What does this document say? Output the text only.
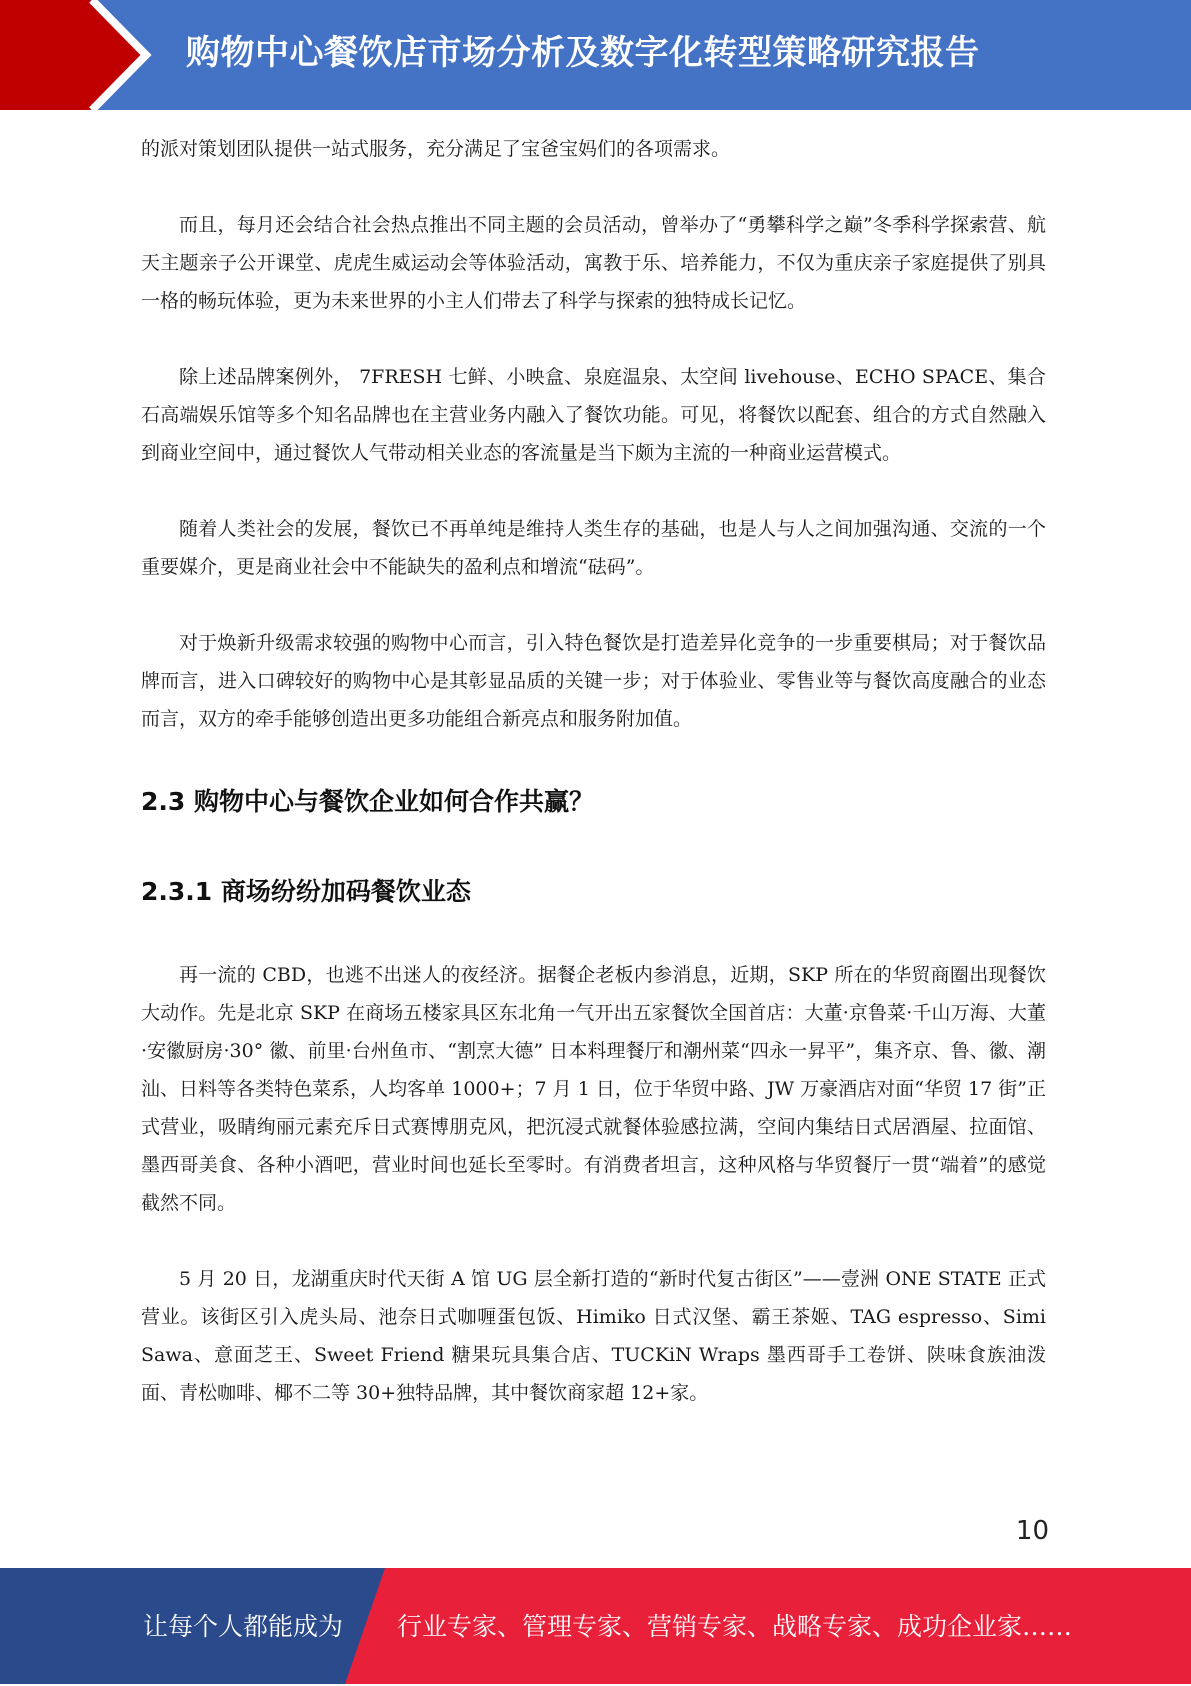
购物中心餐饮店市场分析及数字化转型策略研究报告

的派对策划团队提供一站式服务，充分满足了宝爸宝妈们的各项需求。

而且，每月还会结合社会热点推出不同主题的会员活动，曾举办了“勇攀科学之巅”冬季科学探索营、航天主题亲子公开课堂、虎虎生威运动会等体验活动，寓教于乐、培养能力，不仅为重庆亲子家庭提供了别具一格的畅玩体验，更为未来世界的小主人们带去了科学与探索的独特成长记忆。

除上述品牌案例外， 7FRESH 七鲜、小映盒、泉庭温泉、太空间 livehouse、ECHO SPACE、集合石高端娱乐馆等多个知名品牌也在主营业务内融入了餐饮功能。可见，将餐饮以配套、组合的方式自然融入到商业空间中，通过餐饮人气带动相关业态的客流量是当下颇为主流的一种商业运营模式。

随着人类社会的发展，餐饮已不再单纯是维持人类生存的基础，也是人与人之间加强沟通、交流的一个重要媒介，更是商业社会中不能缺失的盈利点和增流“砝码”。

对于焕新升级需求较强的购物中心而言，引入特色餐饮是打造差异化竞争的一步重要棋局；对于餐饮品牌而言，进入口碑较好的购物中心是其彰显品质的关键一步；对于体验业、零售业等与餐饮高度融合的业态而言，双方的牵手能够创造出更多功能组合新亮点和服务附加值。

2.3 购物中心与餐饮企业如何合作共赢？
2.3.1 商场纷纷加码餐饮业态

再一流的 CBD，也逃不出迷人的夜经济。据餐企老板内参消息，近期，SKP 所在的华贸商圈出现餐饮大动作。先是北京 SKP 在商场五楼家具区东北角一气开出五家餐饮全国首店：大董·京鲁菜·千山万海、大董·安徽厨房·30° 徽、前里·台州鱼市、“割烹大德” 日本料理餐厅和潮州菜“四永一昇平”，集齐京、鲁、徽、潮汕、日料等各类特色菜系，人均客单 1000+；7 月 1 日，位于华贸中路、JW 万豪酒店对面“华贸 17 街”正式营业，吸睛绚丽元素充斥日式赛博朋克风，把沉浸式就餐体验感拉满，空间内集结日式居酒屋、拉面馆、墨西哥美食、各种小酒吧，营业时间也延长至零时。有消费者坦言，这种风格与华贸餐厅一贯“端着”的感觉截然不同。

5 月 20 日，龙湖重庆时代天街 A 馆 UG 层全新打造的“新时代复古街区”——壹洲 ONE STATE 正式营业。该街区引入虎头局、池奈日式咖喱蛋包饭、Himiko 日式汉堡、霸王茶姬、TAG espresso、Simi Sawa、意面芝王、Sweet Friend 糖果玩具集合店、TUCKiN Wraps 墨西哥手工卷饼、陕味食族油泼面、青松咖啡、椰不二等 30+独特品牌，其中餐饮商家超 12+家。

10
让每个人都能成为 行业专家、管理专家、营销专家、战略专家、成功企业家……
